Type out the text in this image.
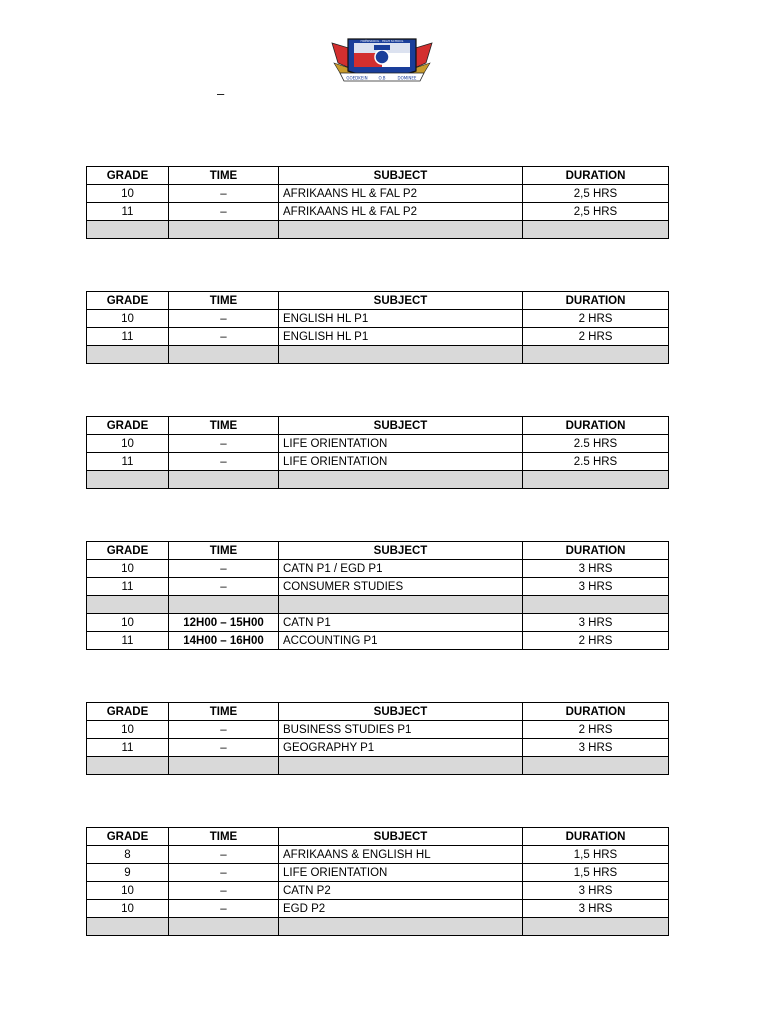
GOEDKEIN	O.B	DOMINEE
HOËRSKOOL · HIGH SCHOOL
–
GRADE	TIME	SUBJECT	DURATION
10	–	AFRIKAANS HL & FAL P2	2,5 HRS
11	–	AFRIKAANS HL & FAL P2	2,5 HRS

GRADE	TIME	SUBJECT	DURATION
10	–	ENGLISH HL P1	2 HRS
11	–	ENGLISH HL P1	2 HRS

GRADE	TIME	SUBJECT	DURATION
10	–	LIFE ORIENTATION	2.5 HRS
11	–	LIFE ORIENTATION	2.5 HRS

GRADE	TIME	SUBJECT	DURATION
10	–	CATN P1 / EGD P1	3 HRS
11	–	CONSUMER STUDIES	3 HRS

10	12H00 – 15H00	CATN P1	3 HRS
11	14H00 – 16H00	ACCOUNTING P1	2 HRS
GRADE	TIME	SUBJECT	DURATION
10	–	BUSINESS STUDIES P1	2 HRS
11	–	GEOGRAPHY P1	3 HRS

GRADE	TIME	SUBJECT	DURATION
8	–	AFRIKAANS & ENGLISH HL	1,5 HRS
9	–	LIFE ORIENTATION	1,5 HRS
10	–	CATN P2	3 HRS
10	–	EGD P2	3 HRS
